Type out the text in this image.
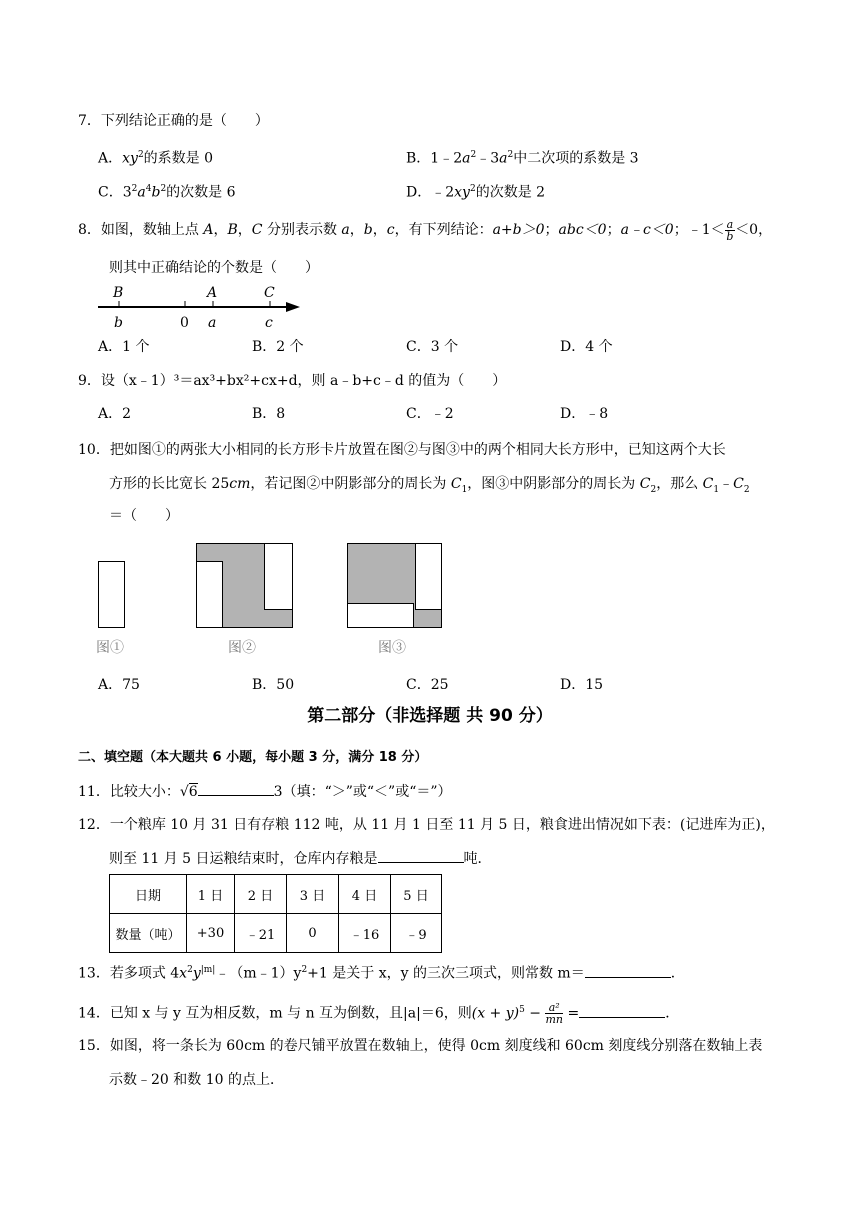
7．下列结论正确的是（　　）
A．$xy^2$的系数是 0	B．$1﹣2a^2﹣3a^2$中二次项的系数是 3
C．$3^2a^4b^2$的次数是 6	D．$﹣2xy^2$的次数是 2
8．如图，数轴上点 A，B，C 分别表示数 a，b，c，有下列结论：a+b＞0；abc＜0；a﹣c＜0；﹣1＜ $\frac{a}{b} <0$，
则其中正确结论的个数是（　　）
B	A	C
b	0 a	c
A．1 个	B．2 个	C．3 个	D．4 个
9．设（x﹣1）³＝ax³+bx²+cx+d，则 a﹣b+c﹣d 的值为（　　）
A．2	B．8	C．﹣2	D．﹣8
10．把如图①的两张大小相同的长方形卡片放置在图②与图③中的两个相同大长方形中，已知这两个大长
方形的长比宽长 25cm，若记图②中阴影部分的周长为 $C_1$，图③中阴影部分的周长为 $C_2$，那么 $C_1﹣C_2$
＝（　　）
图①	图②	图③
A．75	B．50	C．25	D．15
第二部分（非选择题 共 90 分）
二、填空题（本大题共 6 小题，每小题 3 分，满分 18 分）
11．比较大小：√6	3（填：“＞”或“＜”或“＝”）
12．一个粮库 10 月 31 日有存粮 112 吨，从 11 月 1 日至 11 月 5 日，粮食进出情况如下表：(记进库为正)，
则至 11 月 5 日运粮结束时，仓库内存粮是	吨．
日期	1 日	2 日	3 日	4 日	5 日
数量（吨）	+30	﹣21	0	﹣16	﹣9
13．若多项式 $4x^2y^{|m|}﹣(m﹣1)y^2+1$ 是关于 x，y 的三次三项式，则常数 m＝	．
14．已知 x 与 y 互为相反数，m 与 n 互为倒数，且|a|＝6，则$(x + y)^5 - \frac{\text{a²}}{mn}$ =	．
15．如图，将一条长为 60cm 的卷尺铺平放置在数轴上，使得 0cm 刻度线和 60cm 刻度线分别落在数轴上表
示数﹣20 和数 10 的点上．
